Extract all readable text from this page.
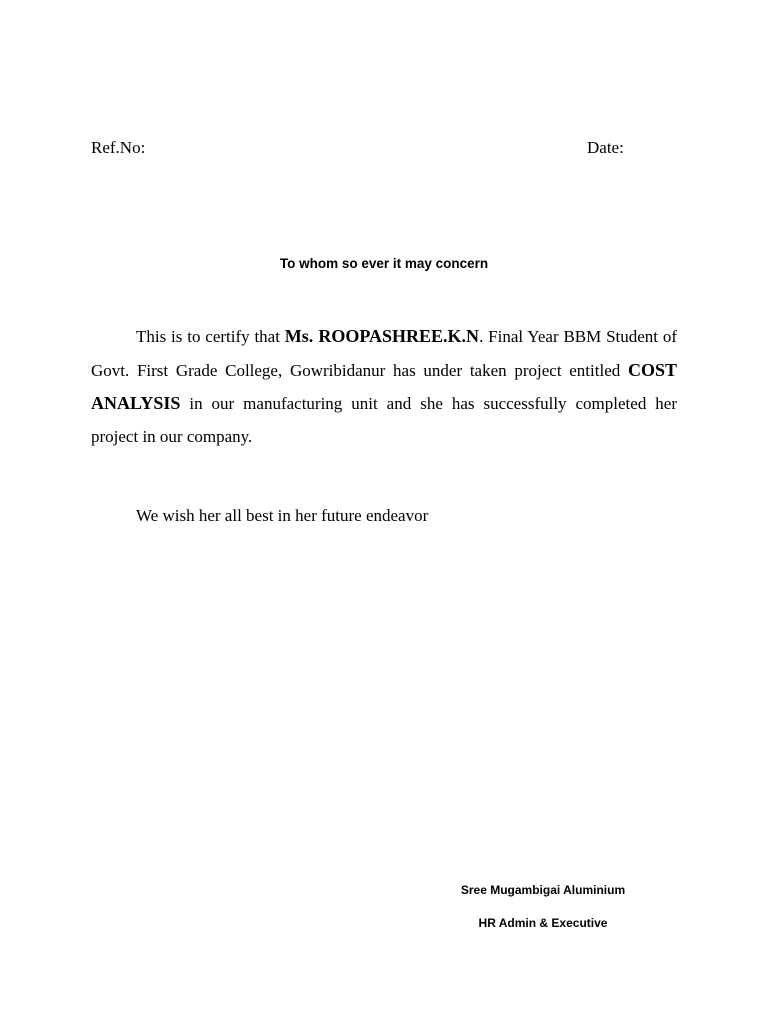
Ref.No:	Date:
To whom so ever it may concern

This is to certify that Ms. ROOPASHREE.K.N. Final Year BBM Student of Govt. First Grade College, Gowribidanur has under taken project entitled COST ANALYSIS in our manufacturing unit and she has successfully completed her project in our company.

We wish her all best in her future endeavor
Sree Mugambigai Aluminium
HR Admin & Executive
